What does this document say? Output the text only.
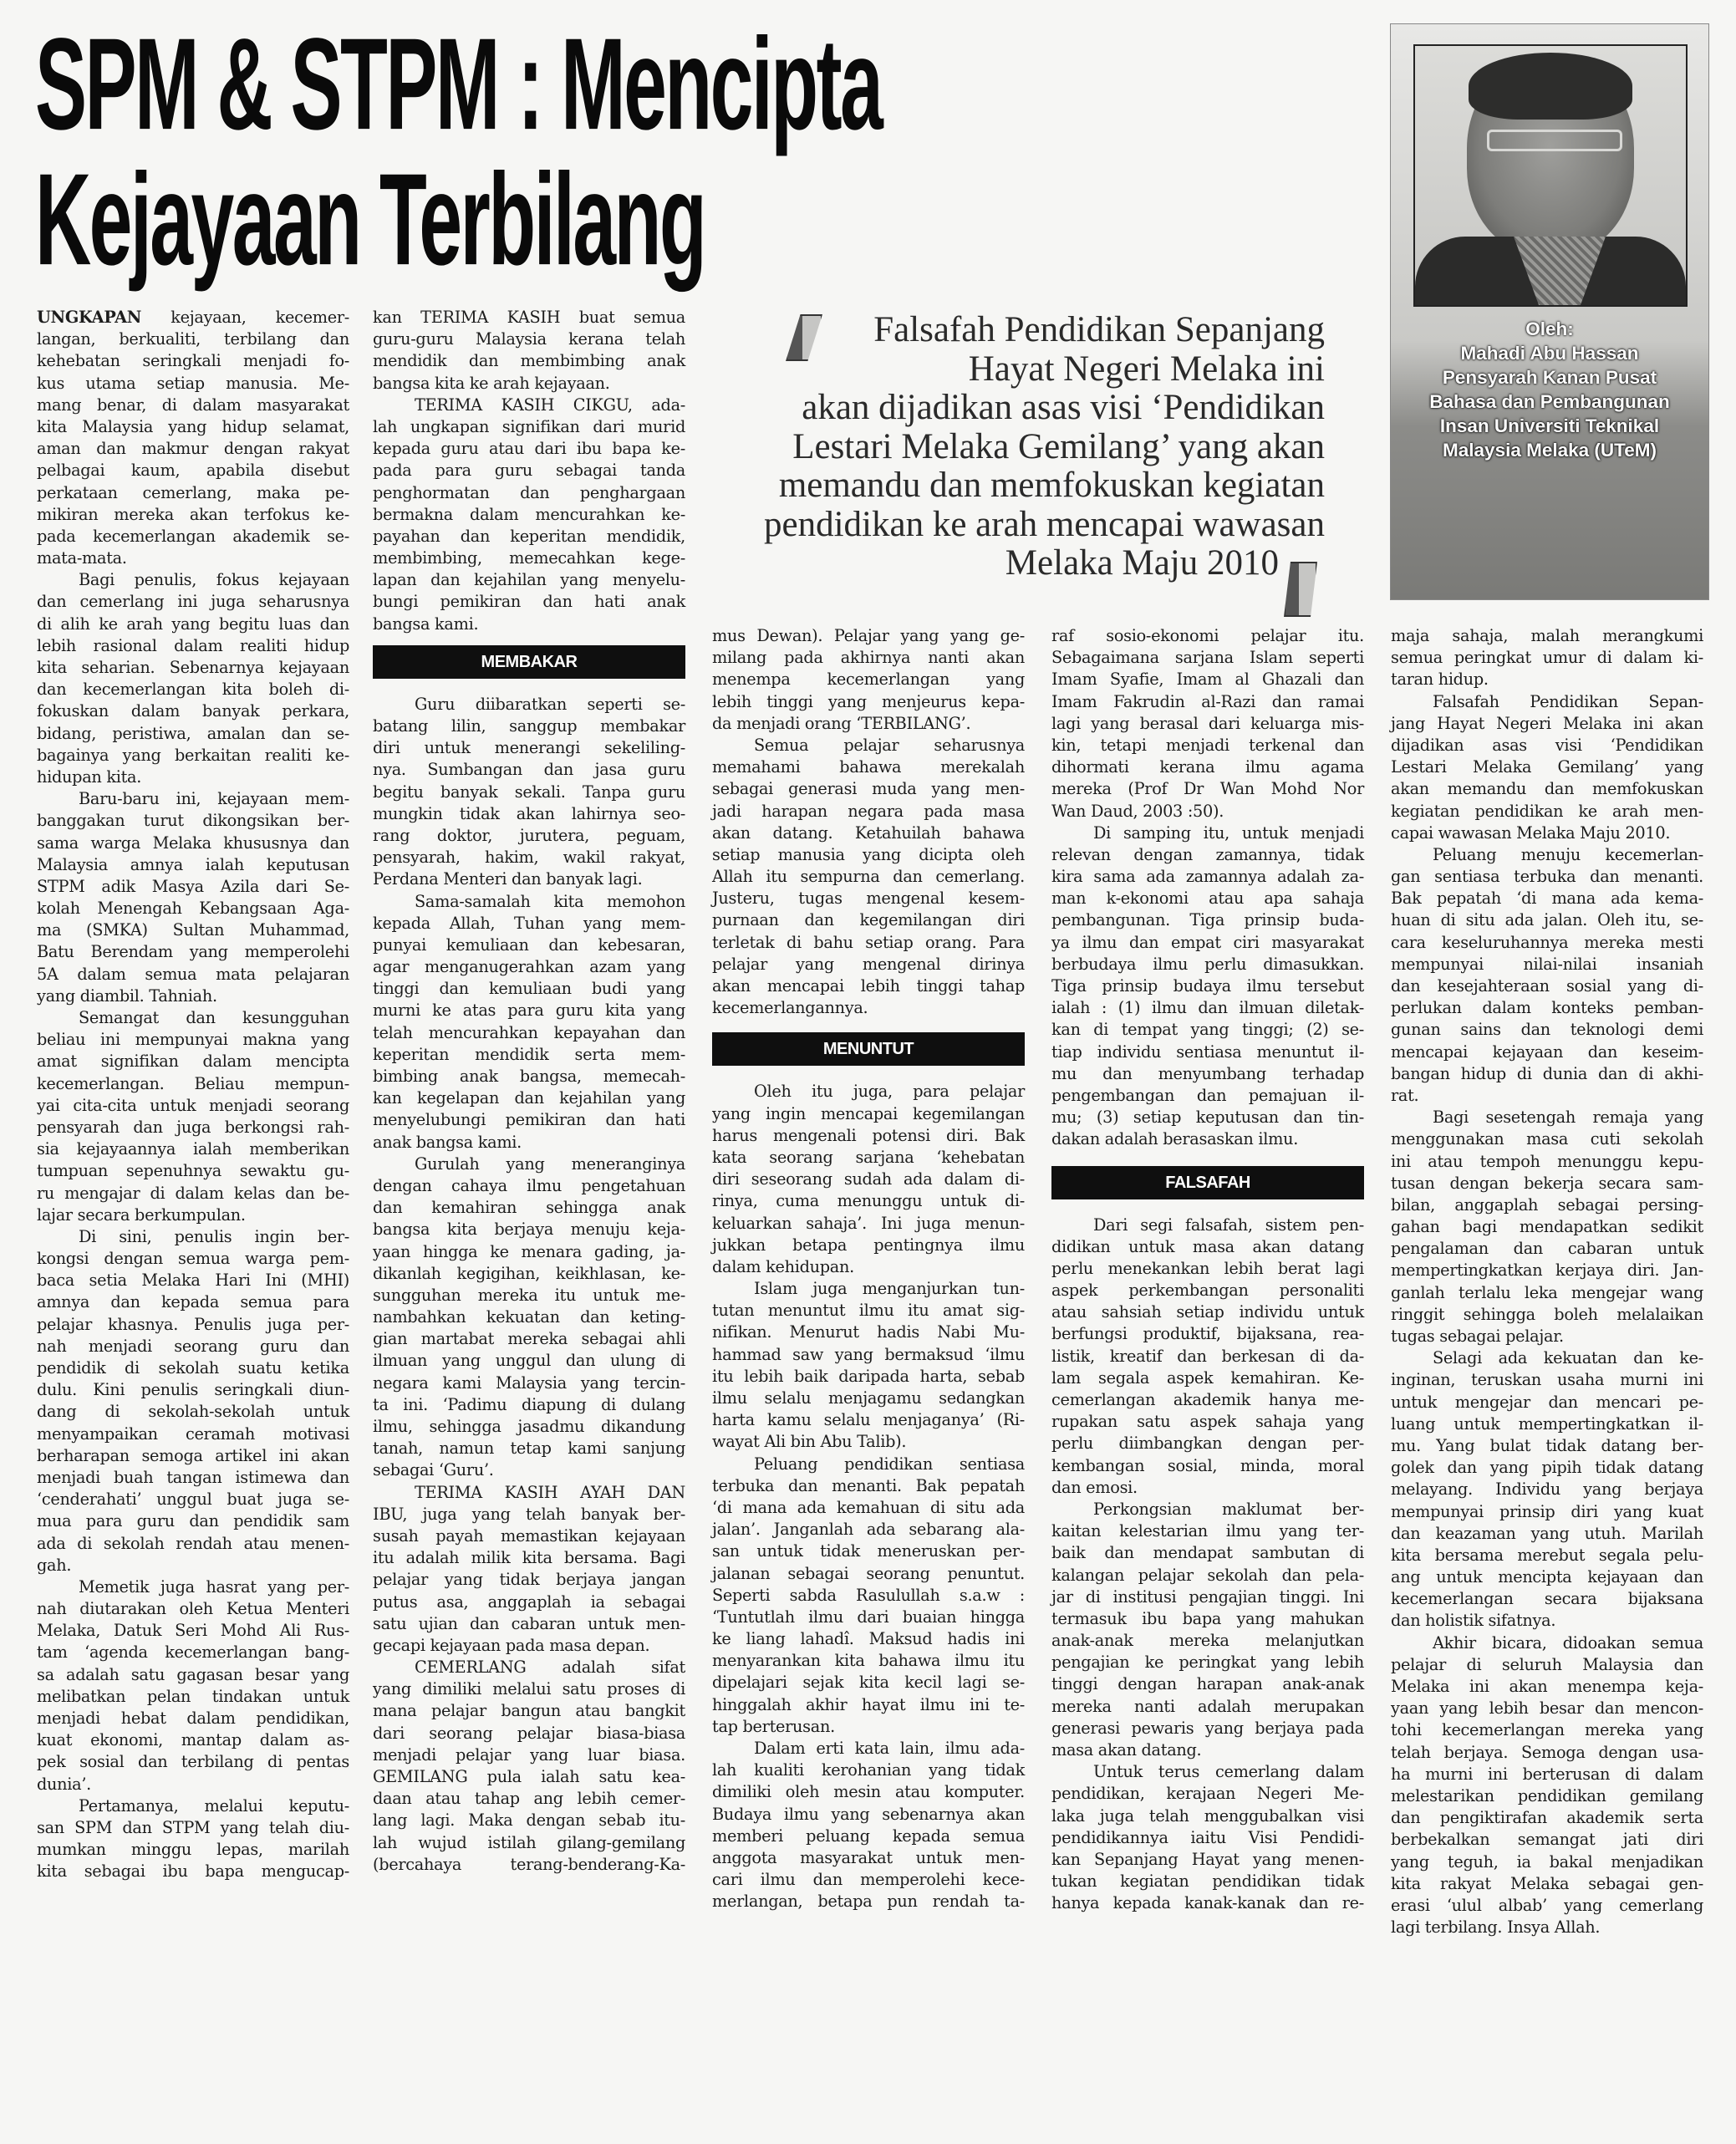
SPM & STPM : Mencipta
Kejayaan Terbilang
Oleh:
Mahadi Abu Hassan
Pensyarah Kanan Pusat
Bahasa dan Pembangunan
Insan Universiti Teknikal
Malaysia Melaka (UTeM)
Falsafah Pendidikan Sepanjang
Hayat Negeri Melaka ini
akan dijadikan asas visi ‘Pendidikan
Lestari Melaka Gemilang’ yang akan
memandu dan memfokuskan kegiatan
pendidikan ke arah mencapai wawasan
Melaka Maju 2010
UNGKAPAN kejayaan, kecemer-
langan, berkualiti, terbilang dan
kehebatan seringkali menjadi fo-
kus utama setiap manusia. Me-
mang benar, di dalam masyarakat
kita Malaysia yang hidup selamat,
aman dan makmur dengan rakyat
pelbagai kaum, apabila disebut
perkataan cemerlang, maka pe-
mikiran mereka akan terfokus ke-
pada kecemerlangan akademik se-
mata-mata.
Bagi penulis, fokus kejayaan
dan cemerlang ini juga seharusnya
di alih ke arah yang begitu luas dan
lebih rasional dalam realiti hidup
kita seharian. Sebenarnya kejayaan
dan kecemerlangan kita boleh di-
fokuskan dalam banyak perkara,
bidang, peristiwa, amalan dan se-
bagainya yang berkaitan realiti ke-
hidupan kita.
Baru-baru ini, kejayaan mem-
banggakan turut dikongsikan ber-
sama warga Melaka khususnya dan
Malaysia amnya ialah keputusan
STPM adik Masya Azila dari Se-
kolah Menengah Kebangsaan Aga-
ma (SMKA) Sultan Muhammad,
Batu Berendam yang memperolehi
5A dalam semua mata pelajaran
yang diambil. Tahniah.
Semangat dan kesungguhan
beliau ini mempunyai makna yang
amat signifikan dalam mencipta
kecemerlangan. Beliau mempun-
yai cita-cita untuk menjadi seorang
pensyarah dan juga berkongsi rah-
sia kejayaannya ialah memberikan
tumpuan sepenuhnya sewaktu gu-
ru mengajar di dalam kelas dan be-
lajar secara berkumpulan.
Di sini, penulis ingin ber-
kongsi dengan semua warga pem-
baca setia Melaka Hari Ini (MHI)
amnya dan kepada semua para
pelajar khasnya. Penulis juga per-
nah menjadi seorang guru dan
pendidik di sekolah suatu ketika
dulu. Kini penulis seringkali diun-
dang di sekolah-sekolah untuk
menyampaikan ceramah motivasi
berharapan semoga artikel ini akan
menjadi buah tangan istimewa dan
‘cenderahati’ unggul buat juga se-
mua para guru dan pendidik sam
ada di sekolah rendah atau menen-
gah.
Memetik juga hasrat yang per-
nah diutarakan oleh Ketua Menteri
Melaka, Datuk Seri Mohd Ali Rus-
tam ‘agenda kecemerlangan bang-
sa adalah satu gagasan besar yang
melibatkan pelan tindakan untuk
menjadi hebat dalam pendidikan,
kuat ekonomi, mantap dalam as-
pek sosial dan terbilang di pentas
dunia’.
Pertamanya, melalui keputu-
san SPM dan STPM yang telah diu-
mumkan minggu lepas, marilah
kita sebagai ibu bapa mengucap-
kan TERIMA KASIH buat semua
guru-guru Malaysia kerana telah
mendidik dan membimbing anak
bangsa kita ke arah kejayaan.
TERIMA KASIH CIKGU, ada-
lah ungkapan signifikan dari murid
kepada guru atau dari ibu bapa ke-
pada para guru sebagai tanda
penghormatan dan penghargaan
bermakna dalam mencurahkan ke-
payahan dan keperitan mendidik,
membimbing, memecahkan kege-
lapan dan kejahilan yang menyelu-
bungi pemikiran dan hati anak
bangsa kami.
MEMBAKAR
Guru diibaratkan seperti se-
batang lilin, sanggup membakar
diri untuk menerangi sekeliling-
nya. Sumbangan dan jasa guru
begitu banyak sekali. Tanpa guru
mungkin tidak akan lahirnya seo-
rang doktor, jurutera, peguam,
pensyarah, hakim, wakil rakyat,
Perdana Menteri dan banyak lagi.
Sama-samalah kita memohon
kepada Allah, Tuhan yang mem-
punyai kemuliaan dan kebesaran,
agar menganugerahkan azam yang
tinggi dan kemuliaan budi yang
murni ke atas para guru kita yang
telah mencurahkan kepayahan dan
keperitan mendidik serta mem-
bimbing anak bangsa, memecah-
kan kegelapan dan kejahilan yang
menyelubungi pemikiran dan hati
anak bangsa kami.
Gurulah yang meneranginya
dengan cahaya ilmu pengetahuan
dan kemahiran sehingga anak
bangsa kita berjaya menuju keja-
yaan hingga ke menara gading, ja-
dikanlah kegigihan, keikhlasan, ke-
sungguhan mereka itu untuk me-
nambahkan kekuatan dan keting-
gian martabat mereka sebagai ahli
ilmuan yang unggul dan ulung di
negara kami Malaysia yang tercin-
ta ini. ‘Padimu diapung di dulang
ilmu, sehingga jasadmu dikandung
tanah, namun tetap kami sanjung
sebagai ‘Guru’.
TERIMA KASIH AYAH DAN
IBU, juga yang telah banyak ber-
susah payah memastikan kejayaan
itu adalah milik kita bersama. Bagi
pelajar yang tidak berjaya jangan
putus asa, anggaplah ia sebagai
satu ujian dan cabaran untuk men-
gecapi kejayaan pada masa depan.
CEMERLANG adalah sifat
yang dimiliki melalui satu proses di
mana pelajar bangun atau bangkit
dari seorang pelajar biasa-biasa
menjadi pelajar yang luar biasa.
GEMILANG pula ialah satu kea-
daan atau tahap ang lebih cemer-
lang lagi. Maka dengan sebab itu-
lah wujud istilah gilang-gemilang
(bercahaya terang-benderang-Ka-
mus Dewan). Pelajar yang yang ge-
milang pada akhirnya nanti akan
menempa kecemerlangan yang
lebih tinggi yang menjeurus kepa-
da menjadi orang ‘TERBILANG’.
Semua pelajar seharusnya
memahami bahawa merekalah
sebagai generasi muda yang men-
jadi harapan negara pada masa
akan datang. Ketahuilah bahawa
setiap manusia yang dicipta oleh
Allah itu sempurna dan cemerlang.
Justeru, tugas mengenal kesem-
purnaan dan kegemilangan diri
terletak di bahu setiap orang. Para
pelajar yang mengenal dirinya
akan mencapai lebih tinggi tahap
kecemerlangannya.
MENUNTUT
Oleh itu juga, para pelajar
yang ingin mencapai kegemilangan
harus mengenali potensi diri. Bak
kata seorang sarjana ‘kehebatan
diri seseorang sudah ada dalam di-
rinya, cuma menunggu untuk di-
keluarkan sahaja’. Ini juga menun-
jukkan betapa pentingnya ilmu
dalam kehidupan.
Islam juga menganjurkan tun-
tutan menuntut ilmu itu amat sig-
nifikan. Menurut hadis Nabi Mu-
hammad saw yang bermaksud ‘ilmu
itu lebih baik daripada harta, sebab
ilmu selalu menjagamu sedangkan
harta kamu selalu menjaganya’ (Ri-
wayat Ali bin Abu Talib).
Peluang pendidikan sentiasa
terbuka dan menanti. Bak pepatah
‘di mana ada kemahuan di situ ada
jalan’. Janganlah ada sebarang ala-
san untuk tidak meneruskan per-
jalanan sebagai seorang penuntut.
Seperti sabda Rasulullah s.a.w :
‘Tuntutlah ilmu dari buaian hingga
ke liang lahadî. Maksud hadis ini
menyarankan kita bahawa ilmu itu
dipelajari sejak kita kecil lagi se-
hinggalah akhir hayat ilmu ini te-
tap berterusan.
Dalam erti kata lain, ilmu ada-
lah kualiti kerohanian yang tidak
dimiliki oleh mesin atau komputer.
Budaya ilmu yang sebenarnya akan
memberi peluang kepada semua
anggota masyarakat untuk men-
cari ilmu dan memperolehi kece-
merlangan, betapa pun rendah ta-
raf sosio-ekonomi pelajar itu.
Sebagaimana sarjana Islam seperti
Imam Syafie, Imam al Ghazali dan
Imam Fakrudin al-Razi dan ramai
lagi yang berasal dari keluarga mis-
kin, tetapi menjadi terkenal dan
dihormati kerana ilmu agama
mereka (Prof Dr Wan Mohd Nor
Wan Daud, 2003 :50).
Di samping itu, untuk menjadi
relevan dengan zamannya, tidak
kira sama ada zamannya adalah za-
man k-ekonomi atau apa sahaja
pembangunan. Tiga prinsip buda-
ya ilmu dan empat ciri masyarakat
berbudaya ilmu perlu dimasukkan.
Tiga prinsip budaya ilmu tersebut
ialah : (1) ilmu dan ilmuan diletak-
kan di tempat yang tinggi; (2) se-
tiap individu sentiasa menuntut il-
mu dan menyumbang terhadap
pengembangan dan pemajuan il-
mu; (3) setiap keputusan dan tin-
dakan adalah berasaskan ilmu.
FALSAFAH
Dari segi falsafah, sistem pen-
didikan untuk masa akan datang
perlu menekankan lebih berat lagi
aspek perkembangan personaliti
atau sahsiah setiap individu untuk
berfungsi produktif, bijaksana, rea-
listik, kreatif dan berkesan di da-
lam segala aspek kemahiran. Ke-
cemerlangan akademik hanya me-
rupakan satu aspek sahaja yang
perlu diimbangkan dengan per-
kembangan sosial, minda, moral
dan emosi.
Perkongsian maklumat ber-
kaitan kelestarian ilmu yang ter-
baik dan mendapat sambutan di
kalangan pelajar sekolah dan pela-
jar di institusi pengajian tinggi. Ini
termasuk ibu bapa yang mahukan
anak-anak mereka melanjutkan
pengajian ke peringkat yang lebih
tinggi dengan harapan anak-anak
mereka nanti adalah merupakan
generasi pewaris yang berjaya pada
masa akan datang.
Untuk terus cemerlang dalam
pendidikan, kerajaan Negeri Me-
laka juga telah menggubalkan visi
pendidikannya iaitu Visi Pendidi-
kan Sepanjang Hayat yang menen-
tukan kegiatan pendidikan tidak
hanya kepada kanak-kanak dan re-
maja sahaja, malah merangkumi
semua peringkat umur di dalam ki-
taran hidup.
Falsafah Pendidikan Sepan-
jang Hayat Negeri Melaka ini akan
dijadikan asas visi ‘Pendidikan
Lestari Melaka Gemilang’ yang
akan memandu dan memfokuskan
kegiatan pendidikan ke arah men-
capai wawasan Melaka Maju 2010.
Peluang menuju kecemerlan-
gan sentiasa terbuka dan menanti.
Bak pepatah ‘di mana ada kema-
huan di situ ada jalan. Oleh itu, se-
cara keseluruhannya mereka mesti
mempunyai nilai-nilai insaniah
dan kesejahteraan sosial yang di-
perlukan dalam konteks pemban-
gunan sains dan teknologi demi
mencapai kejayaan dan keseim-
bangan hidup di dunia dan di akhi-
rat.
Bagi sesetengah remaja yang
menggunakan masa cuti sekolah
ini atau tempoh menunggu kepu-
tusan dengan bekerja secara sam-
bilan, anggaplah sebagai persing-
gahan bagi mendapatkan sedikit
pengalaman dan cabaran untuk
mempertingkatkan kerjaya diri. Jan-
ganlah terlalu leka mengejar wang
ringgit sehingga boleh melalaikan
tugas sebagai pelajar.
Selagi ada kekuatan dan ke-
inginan, teruskan usaha murni ini
untuk mengejar dan mencari pe-
luang untuk mempertingkatkan il-
mu. Yang bulat tidak datang ber-
golek dan yang pipih tidak datang
melayang. Individu yang berjaya
mempunyai prinsip diri yang kuat
dan keazaman yang utuh. Marilah
kita bersama merebut segala pelu-
ang untuk mencipta kejayaan dan
kecemerlangan secara bijaksana
dan holistik sifatnya.
Akhir bicara, didoakan semua
pelajar di seluruh Malaysia dan
Melaka ini akan menempa keja-
yaan yang lebih besar dan mencon-
tohi kecemerlangan mereka yang
telah berjaya. Semoga dengan usa-
ha murni ini berterusan di dalam
melestarikan pendidikan gemilang
dan pengiktirafan akademik serta
berbekalkan semangat jati diri
yang teguh, ia bakal menjadikan
kita rakyat Melaka sebagai gen-
erasi ‘ulul albab’ yang cemerlang
lagi terbilang. Insya Allah.
